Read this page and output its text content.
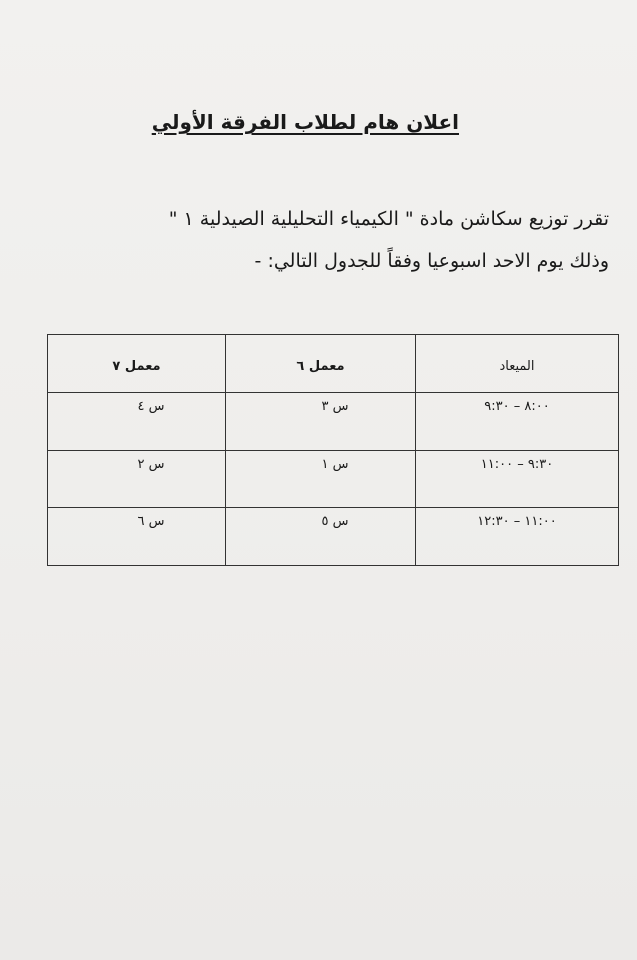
اعلان هام لطلاب الفرقة الأولي

تقرر توزيع سكاشن مادة " الكيمياء التحليلية الصيدلية ١ "
وذلك يوم الاحد اسبوعيا وفقاً للجدول التالي: -

الميعاد	معمل ٦	معمل ٧
٨:٠٠ – ٩:٣٠	س ٣	س ٤
٩:٣٠ – ١١:٠٠	س ١	س ٢
١١:٠٠ – ١٢:٣٠	س ٥	س ٦
